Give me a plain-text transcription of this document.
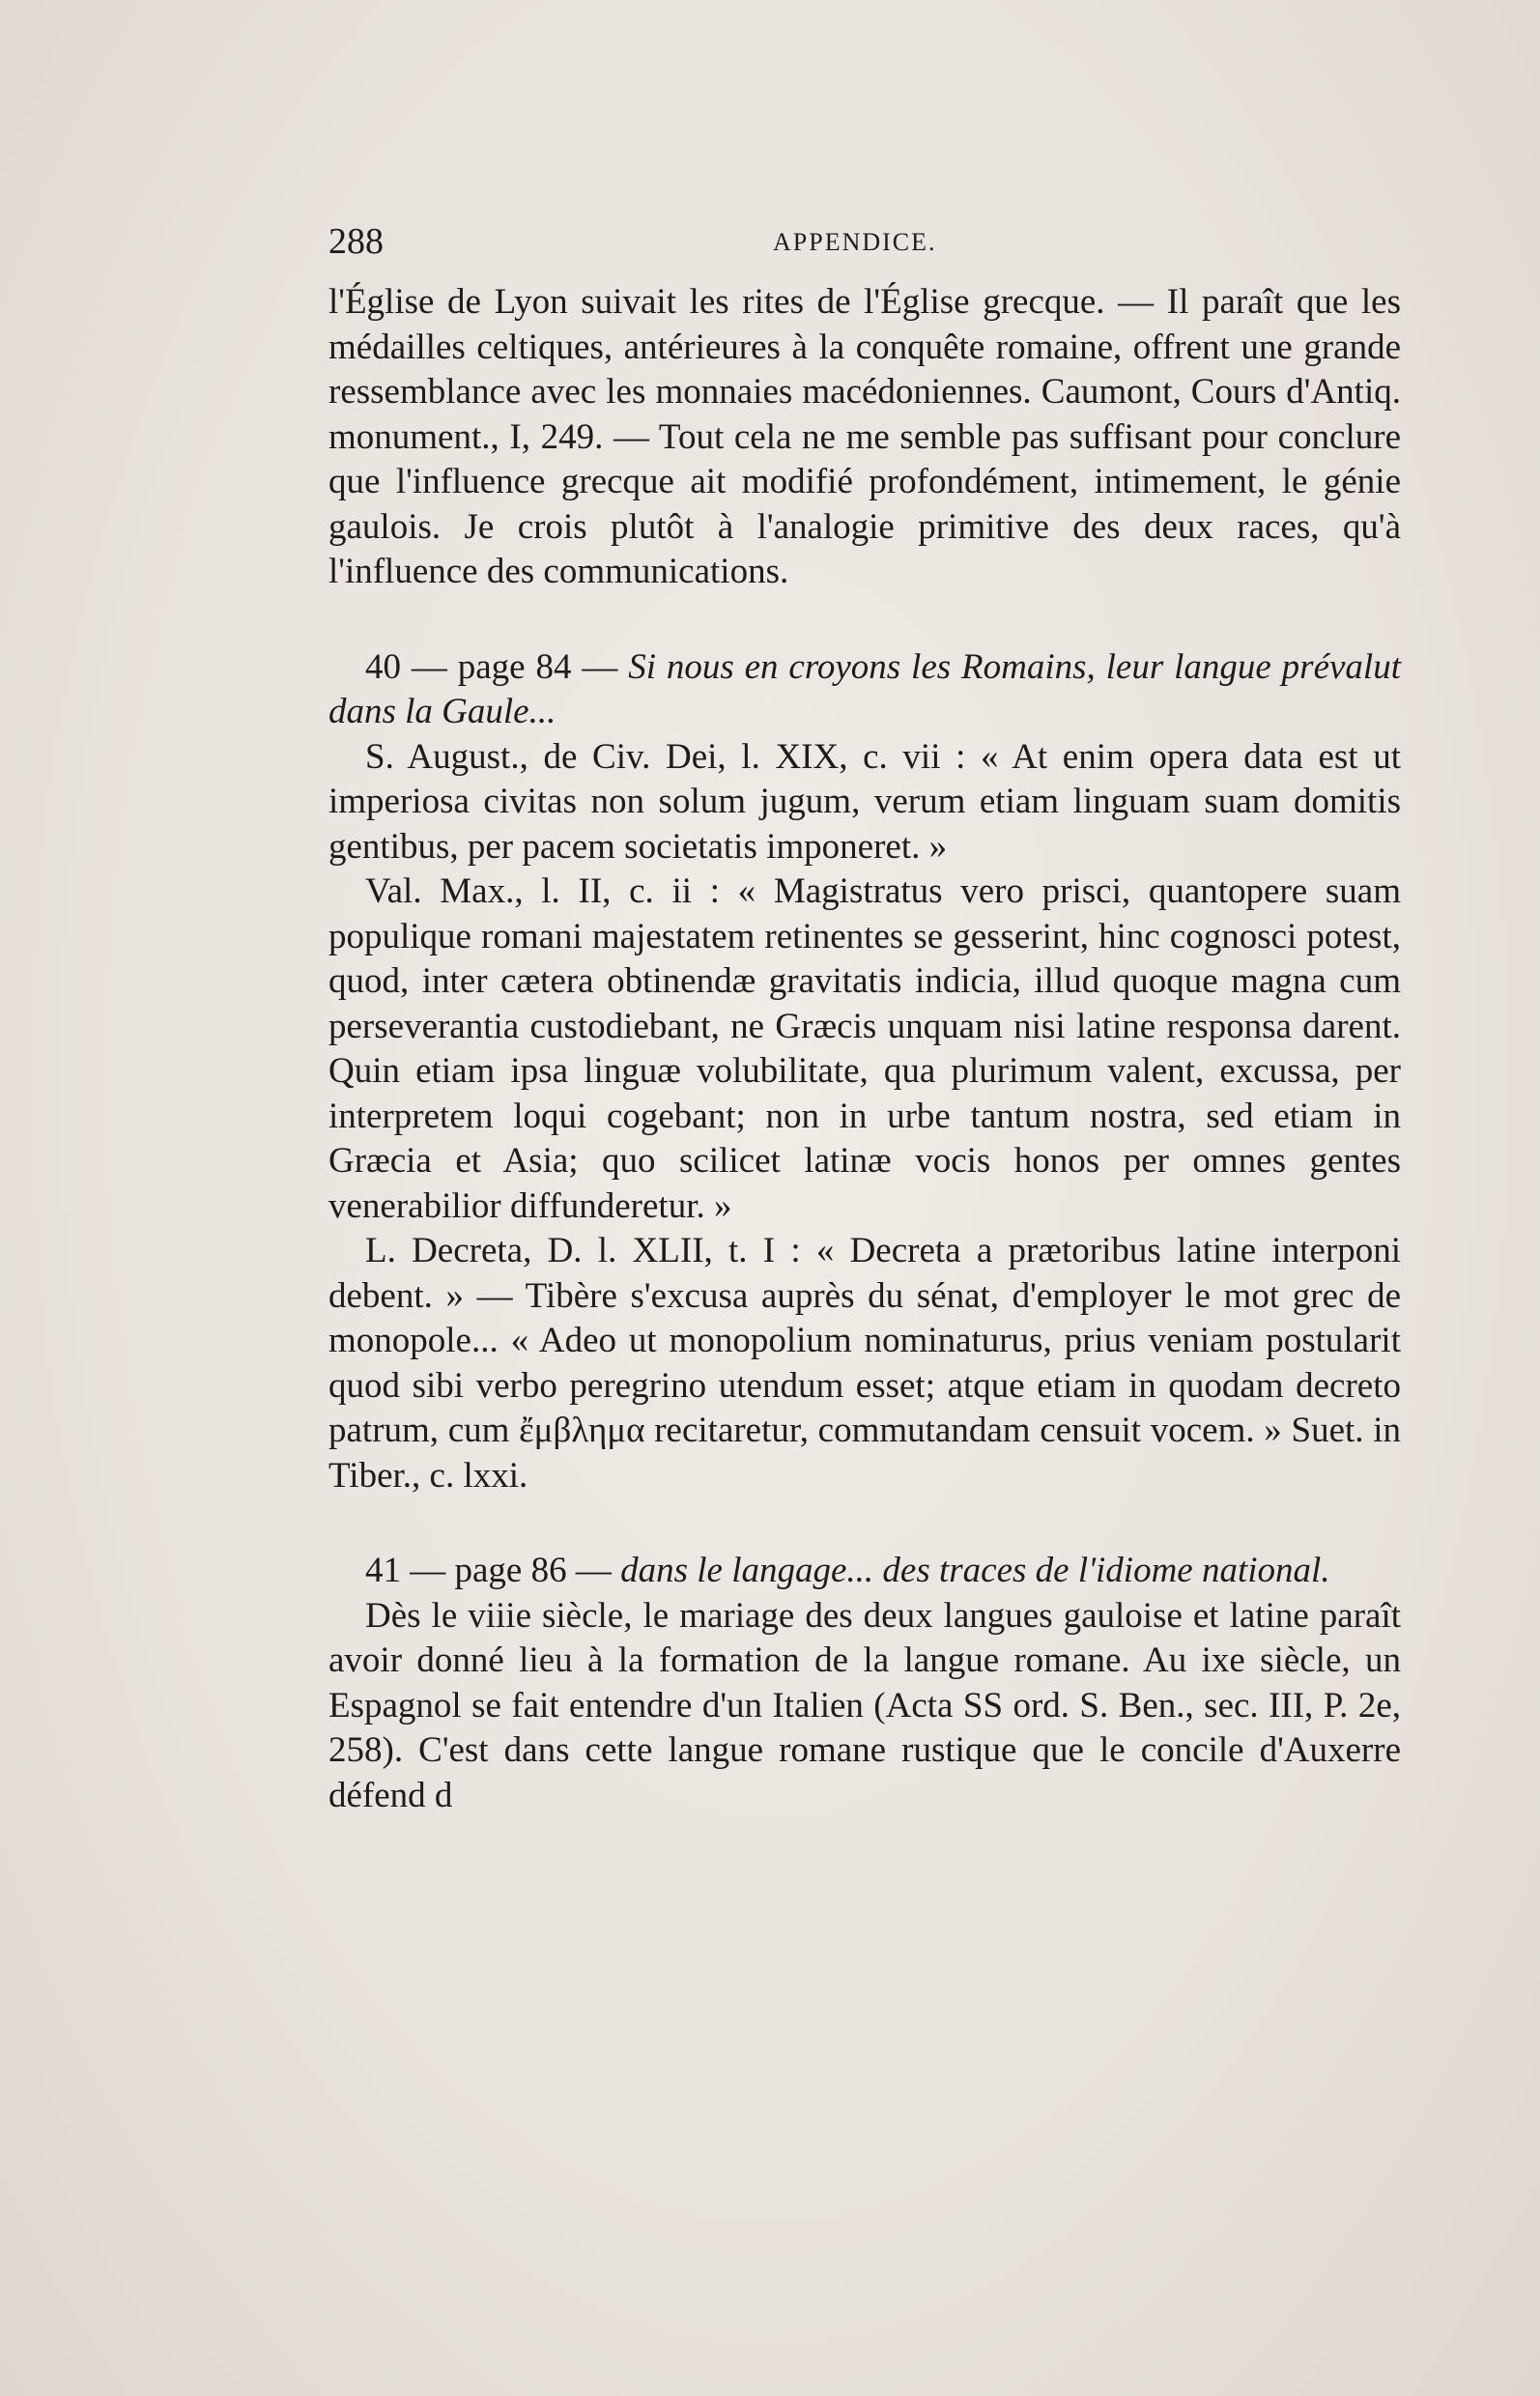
288	APPENDICE.

l'Église de Lyon suivait les rites de l'Église grecque. — Il paraît que les médailles celtiques, antérieures à la conquête romaine, offrent une grande ressemblance avec les monnaies macédoniennes. Caumont, Cours d'Antiq. monument., I, 249. — Tout cela ne me semble pas suffisant pour conclure que l'influence grecque ait modifié profondément, intimement, le génie gaulois. Je crois plutôt à l'analogie primitive des deux races, qu'à l'influence des communications.

40 — page 84 — Si nous en croyons les Romains, leur langue prévalut dans la Gaule...

S. August., de Civ. Dei, l. XIX, c. vii : « At enim opera data est ut imperiosa civitas non solum jugum, verum etiam linguam suam domitis gentibus, per pacem societatis imponeret. »

Val. Max., l. II, c. ii : « Magistratus vero prisci, quantopere suam populique romani majestatem retinentes se gesserint, hinc cognosci potest, quod, inter cætera obtinendæ gravitatis indicia, illud quoque magna cum perseverantia custodiebant, ne Græcis unquam nisi latine responsa darent. Quin etiam ipsa linguæ volubilitate, qua plurimum valent, excussa, per interpretem loqui cogebant; non in urbe tantum nostra, sed etiam in Græcia et Asia; quo scilicet latinæ vocis honos per omnes gentes venerabilior diffunderetur. »

L. Decreta, D. l. XLII, t. I : « Decreta a prætoribus latine interponi debent. » — Tibère s'excusa auprès du sénat, d'employer le mot grec de monopole... « Adeo ut monopolium nominaturus, prius veniam postularit quod sibi verbo peregrino utendum esset; atque etiam in quodam decreto patrum, cum ἔμβλημα recitaretur, commutandam censuit vocem. » Suet. in Tiber., c. lxxi.

41 — page 86 — dans le langage... des traces de l'idiome national.

Dès le viiie siècle, le mariage des deux langues gauloise et latine paraît avoir donné lieu à la formation de la langue romane. Au ixe siècle, un Espagnol se fait entendre d'un Italien (Acta SS ord. S. Ben., sec. III, P. 2e, 258). C'est dans cette langue romane rustique que le concile d'Auxerre défend d
